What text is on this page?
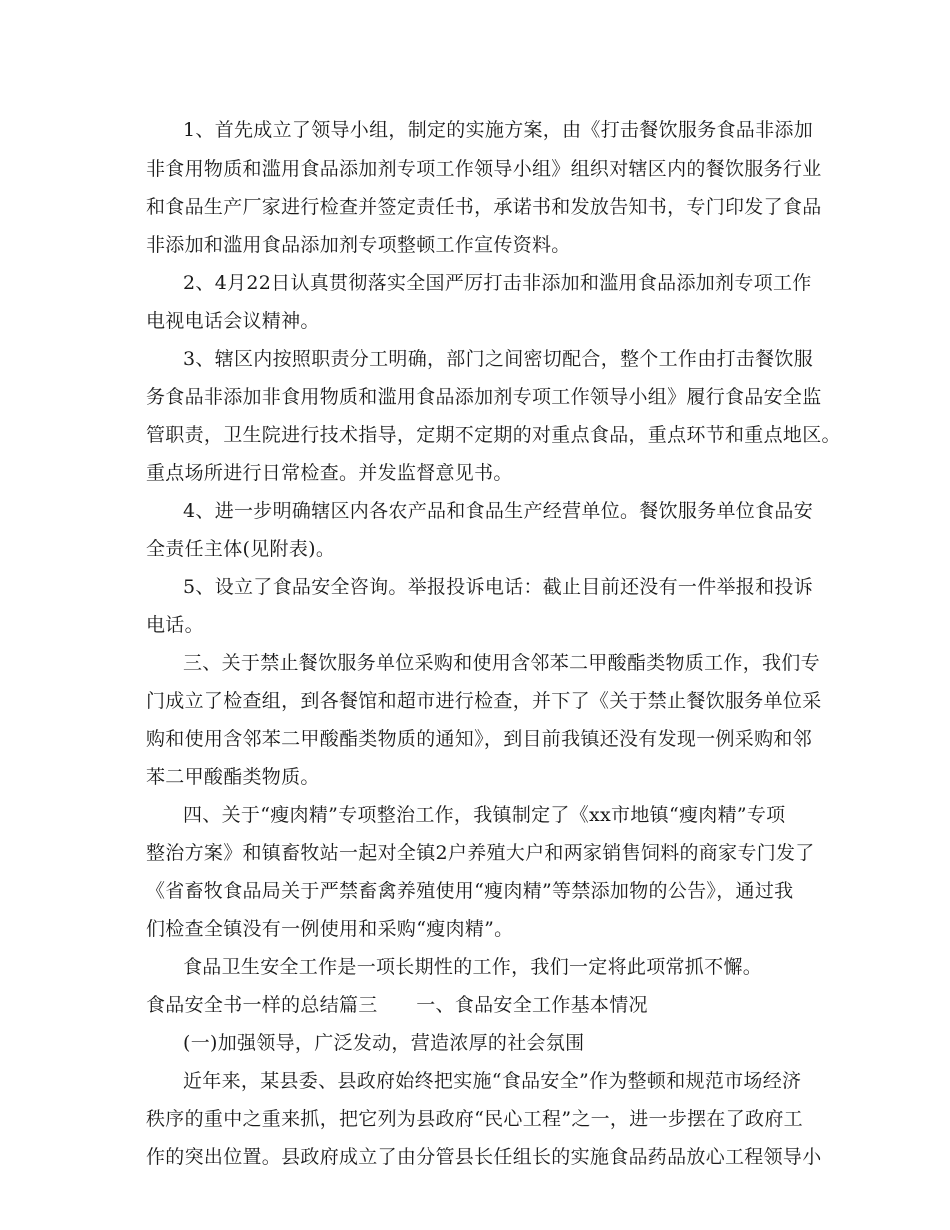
1、首先成立了领导小组，制定的实施方案，由《打击餐饮服务食品非添加
非食用物质和滥用食品添加剂专项工作领导小组》组织对辖区内的餐饮服务行业
和食品生产厂家进行检查并签定责任书，承诺书和发放告知书，专门印发了食品
非添加和滥用食品添加剂专项整顿工作宣传资料。
2、4月22日认真贯彻落实全国严厉打击非添加和滥用食品添加剂专项工作
电视电话会议精神。
3、辖区内按照职责分工明确，部门之间密切配合，整个工作由打击餐饮服
务食品非添加非食用物质和滥用食品添加剂专项工作领导小组》履行食品安全监
管职责，卫生院进行技术指导，定期不定期的对重点食品，重点环节和重点地区。
重点场所进行日常检查。并发监督意见书。
4、进一步明确辖区内各农产品和食品生产经营单位。餐饮服务单位食品安
全责任主体(见附表)。
5、设立了食品安全咨询。举报投诉电话：截止目前还没有一件举报和投诉
电话。
三、关于禁止餐饮服务单位采购和使用含邻苯二甲酸酯类物质工作，我们专
门成立了检查组，到各餐馆和超市进行检查，并下了《关于禁止餐饮服务单位采
购和使用含邻苯二甲酸酯类物质的通知》，到目前我镇还没有发现一例采购和邻
苯二甲酸酯类物质。
四、关于“瘦肉精”专项整治工作，我镇制定了《xx市地镇“瘦肉精”专项
整治方案》和镇畜牧站一起对全镇2户养殖大户和两家销售饲料的商家专门发了
《省畜牧食品局关于严禁畜禽养殖使用“瘦肉精”等禁添加物的公告》，通过我
们检查全镇没有一例使用和采购“瘦肉精”。
食品卫生安全工作是一项长期性的工作，我们一定将此项常抓不懈。
食品安全书一样的总结篇三　　一、食品安全工作基本情况
(一)加强领导，广泛发动，营造浓厚的社会氛围
近年来，某县委、县政府始终把实施“食品安全”作为整顿和规范市场经济
秩序的重中之重来抓，把它列为县政府“民心工程”之一，进一步摆在了政府工
作的突出位置。县政府成立了由分管县长任组长的实施食品药品放心工程领导小
